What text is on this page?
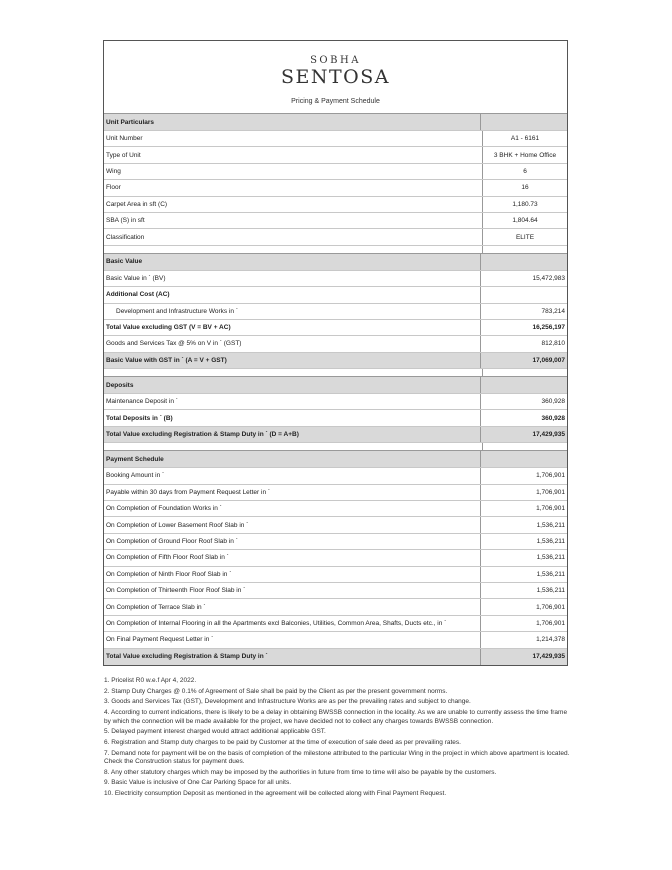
SOBHA
SENTOSA
Pricing & Payment Schedule
Unit Particulars
Unit Number	A1 - 6161
Type of Unit	3 BHK + Home Office
Wing	6
Floor	16
Carpet Area in sft (C)	1,180.73
SBA (S) in sft	1,804.64
Classification	ELITE
Basic Value
Basic Value in ` (BV)	15,472,983
Additional Cost (AC)
Development and Infrastructure Works in `	783,214
Total Value excluding GST (V = BV + AC)	16,256,197
Goods and Services Tax @ 5% on V in ` (GST)	812,810
Basic Value with GST in ` (A = V + GST)	17,069,007
Deposits
Maintenance Deposit in `	360,928
Total Deposits in ` (B)	360,928
Total Value excluding Registration & Stamp Duty in ` (D = A+B)	17,429,935
Payment Schedule
Booking Amount in `	1,706,901
Payable within 30 days from Payment Request Letter in `	1,706,901
On Completion of Foundation Works in `	1,706,901
On Completion of Lower Basement Roof Slab in `	1,536,211
On Completion of Ground Floor Roof Slab in `	1,536,211
On Completion of Fifth Floor Roof Slab in `	1,536,211
On Completion of Ninth Floor Roof Slab in `	1,536,211
On Completion of Thirteenth Floor Roof Slab in `	1,536,211
On Completion of Terrace Slab in `	1,706,901
On Completion of Internal Flooring in all the Apartments excl Balconies, Utilities, Common Area, Shafts, Ducts etc., in `	1,706,901
On Final Payment Request Letter in `	1,214,378
Total Value excluding Registration & Stamp Duty in `	17,429,935
1. Pricelist R0 w.e.f Apr 4, 2022.
2. Stamp Duty Charges @ 0.1% of Agreement of Sale shall be paid by the Client as per the present government norms.
3. Goods and Services Tax (GST), Development and Infrastructure Works are as per the prevailing rates and subject to change.
4. According to current indications, there is likely to be a delay in obtaining BWSSB connection in the locality. As we are unable to currently assess the time frame by which the connection will be made available for the project, we have decided not to collect any charges towards BWSSB connection.
5. Delayed payment interest charged would attract additional applicable GST.
6. Registration and Stamp duty charges to be paid by Customer at the time of execution of sale deed as per prevailing rates.
7. Demand note for payment will be on the basis of completion of the milestone attributed to the particular Wing in the project in which above apartment is located. Check the Construction status for payment dues.
8. Any other statutory charges which may be imposed by the authorities in future from time to time will also be payable by the customers.
9. Basic Value is inclusive of One Car Parking Space for all units.
10. Electricity consumption Deposit as mentioned in the agreement will be collected along with Final Payment Request.
